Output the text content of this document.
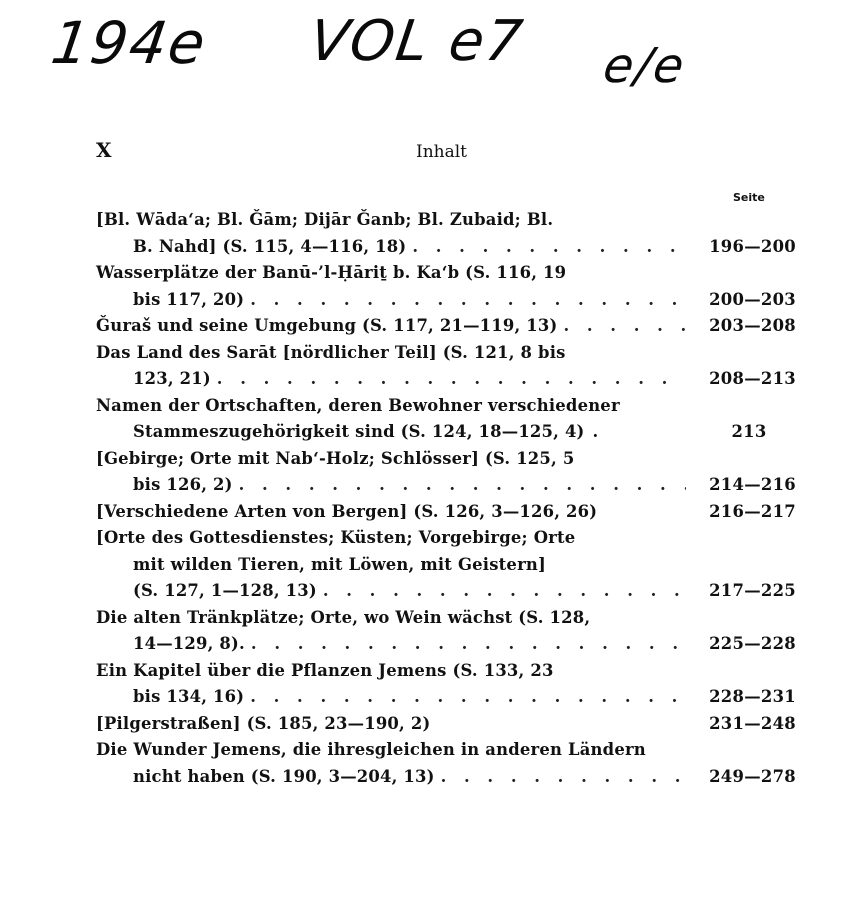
194e VOL e7 e/e
X	Inhalt
Seite
[Bl. Wāda‘a; Bl. Ǧām; Dijār Ǧanb; Bl. Zubaid; Bl.
B. Nahd] (S. 115, 4—116, 18) . . .	196—200
Wasserplätze der Banū-’l-Ḥāriṯ b. Ka‘b (S. 116, 19
bis 117, 20) . . .	200—203
Ǧuraš und seine Umgebung (S. 117, 21—119, 13) . . .	203—208
Das Land des Sarāt [nördlicher Teil] (S. 121, 8 bis
123, 21) . . .	208—213
Namen der Ortschaften, deren Bewohner verschiedener
Stammeszugehörigkeit sind (S. 124, 18—125, 4) .	213
[Gebirge; Orte mit Nab‘-Holz; Schlösser] (S. 125, 5
bis 126, 2) . . .	214—216
[Verschiedene Arten von Bergen] (S. 126, 3—126, 26)	216—217
[Orte des Gottesdienstes; Küsten; Vorgebirge; Orte
mit wilden Tieren, mit Löwen, mit Geistern]
(S. 127, 1—128, 13) . . .	217—225
Die alten Tränkplätze; Orte, wo Wein wächst (S. 128,
14—129, 8). . . .	225—228
Ein Kapitel über die Pflanzen Jemens (S. 133, 23
bis 134, 16) . . .	228—231
[Pilgerstraßen] (S. 185, 23—190, 2)	231—248
Die Wunder Jemens, die ihresgleichen in anderen Ländern
nicht haben (S. 190, 3—204, 13) . . .	249—278
